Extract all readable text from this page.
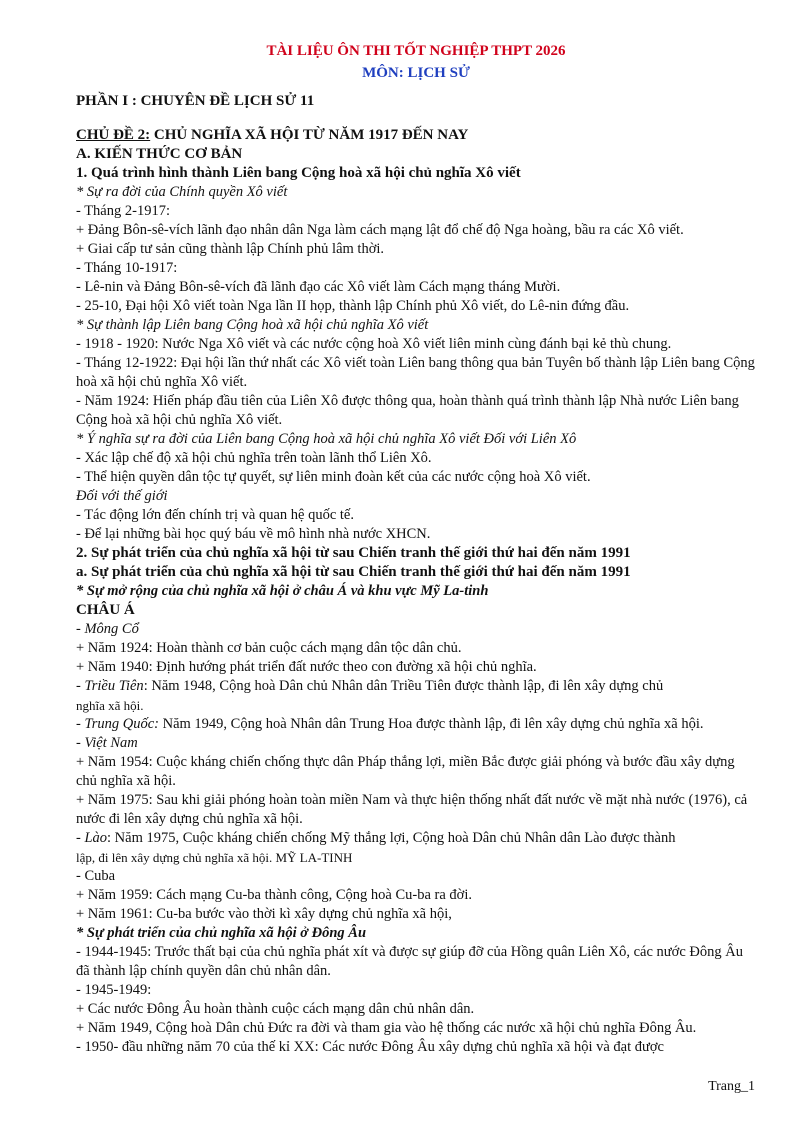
TÀI LIỆU ÔN THI TỐT NGHIỆP THPT 2026

MÔN: LỊCH SỬ

PHẦN I : CHUYÊN ĐỀ LỊCH SỬ 11

CHỦ ĐỀ 2: CHỦ NGHĨA XÃ HỘI TỪ NĂM 1917 ĐẾN NAY

A. KIẾN THỨC CƠ BẢN

1. Quá trình hình thành Liên bang Cộng hoà xã hội chủ nghĩa Xô viết

* Sự ra đời của Chính quyền Xô viết

- Tháng 2-1917:

+ Đảng Bôn-sê-vích lãnh đạo nhân dân Nga làm cách mạng lật đổ chế độ Nga hoàng, bầu ra các Xô viết.

+ Giai cấp tư sản cũng thành lập Chính phủ lâm thời.

- Tháng 10-1917:

- Lê-nin và Đảng Bôn-sê-vích đã lãnh đạo các Xô viết làm Cách mạng tháng Mười.

- 25-10, Đại hội Xô viết toàn Nga lần II họp, thành lập Chính phủ Xô viết, do Lê-nin đứng đầu.

* Sự thành lập Liên bang Cộng hoà xã hội chủ nghĩa Xô viết

- 1918 - 1920: Nước Nga Xô viết và các nước cộng hoà Xô viết liên minh cùng đánh bại kẻ thù chung.

- Tháng 12-1922: Đại hội lần thứ nhất các Xô viết toàn Liên bang thông qua bản Tuyên bố thành lập Liên bang Cộng hoà xã hội chủ nghĩa Xô viết.

- Năm 1924: Hiến pháp đầu tiên của Liên Xô được thông qua, hoàn thành quá trình thành lập Nhà nước Liên bang Cộng hoà xã hội chủ nghĩa Xô viết.

* Ý nghĩa sự ra đời của Liên bang Cộng hoà xã hội chủ nghĩa Xô viết Đối với Liên Xô

- Xác lập chế độ xã hội chủ nghĩa trên toàn lãnh thổ Liên Xô.

- Thể hiện quyền dân tộc tự quyết, sự liên minh đoàn kết của các nước cộng hoà Xô viết.

Đối với thế giới

- Tác động lớn đến chính trị và quan hệ quốc tế.

- Để lại những bài học quý báu về mô hình nhà nước XHCN.

2. Sự phát triển của chủ nghĩa xã hội từ sau Chiến tranh thế giới thứ hai đến năm 1991

a. Sự phát triển của chủ nghĩa xã hội từ sau Chiến tranh thế giới thứ hai đến năm 1991

* Sự mở rộng của chủ nghĩa xã hội ở châu Á và khu vực Mỹ La-tinh

CHÂU Á

- Mông Cổ

+ Năm 1924: Hoàn thành cơ bản cuộc cách mạng dân tộc dân chủ.

+ Năm 1940: Định hướng phát triển đất nước theo con đường xã hội chủ nghĩa.

- Triều Tiên: Năm 1948, Cộng hoà Dân chủ Nhân dân Triều Tiên được thành lập, đi lên xây dựng chủ

nghĩa xã hội.

- Trung Quốc: Năm 1949, Cộng hoà Nhân dân Trung Hoa được thành lập, đi lên xây dựng chủ nghĩa xã hội.

- Việt Nam

+ Năm 1954: Cuộc kháng chiến chống thực dân Pháp thắng lợi, miền Bắc được giải phóng và bước đầu xây dựng chủ nghĩa xã hội.

+ Năm 1975: Sau khi giải phóng hoàn toàn miền Nam và thực hiện thống nhất đất nước về mặt nhà nước (1976), cả nước đi lên xây dựng chủ nghĩa xã hội.

- Lào: Năm 1975, Cuộc kháng chiến chống Mỹ thắng lợi, Cộng hoà Dân chủ Nhân dân Lào được thành

lập, đi lên xây dựng chủ nghĩa xã hội. MỸ LA-TINH

- Cuba

+ Năm 1959: Cách mạng Cu-ba thành công, Cộng hoà Cu-ba ra đời.

+ Năm 1961: Cu-ba bước vào thời kì xây dựng chủ nghĩa xã hội,

* Sự phát triển của chủ nghĩa xã hội ở Đông Âu

- 1944-1945: Trước thất bại của chủ nghĩa phát xít và được sự giúp đỡ của Hồng quân Liên Xô, các nước Đông Âu đã thành lập chính quyền dân chủ nhân dân.

- 1945-1949:

+ Các nước Đông Âu hoàn thành cuộc cách mạng dân chủ nhân dân.

+ Năm 1949, Cộng hoà Dân chủ Đức ra đời và tham gia vào hệ thống các nước xã hội chủ nghĩa Đông Âu.

- 1950- đầu những năm 70 của thế kỉ XX: Các nước Đông Âu xây dựng chủ nghĩa xã hội và đạt được

Trang_1
